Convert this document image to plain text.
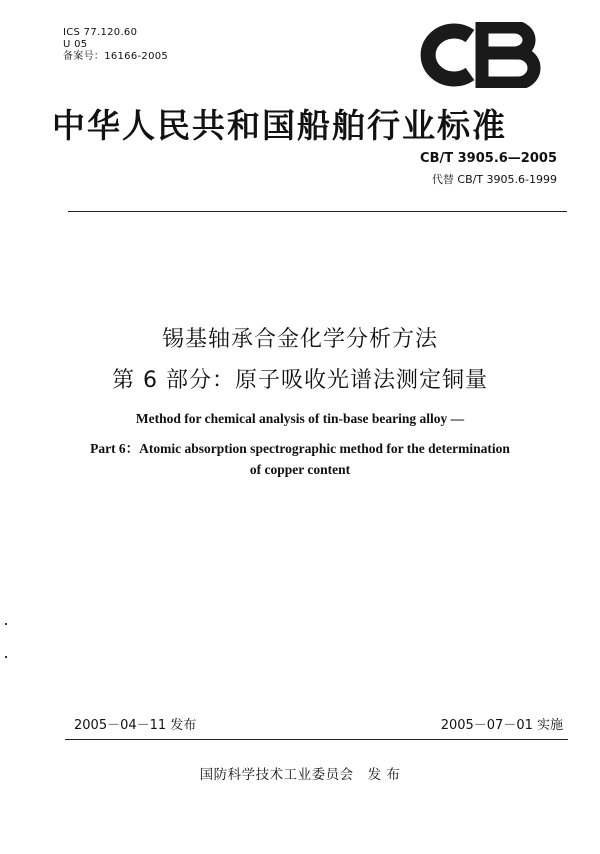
ICS 77.120.60
U 05
备案号：16166-2005
中华人民共和国船舶行业标准
CB/T 3905.6—2005
代替 CB/T 3905.6-1999
锡基轴承合金化学分析方法
第 6 部分：原子吸收光谱法测定铜量
Method for chemical analysis of tin-base bearing alloy —
Part 6：Atomic absorption spectrographic method for the determination
of copper content
2005－04－11 发布	2005－07－01 实施
国防科学技术工业委员会　发 布
